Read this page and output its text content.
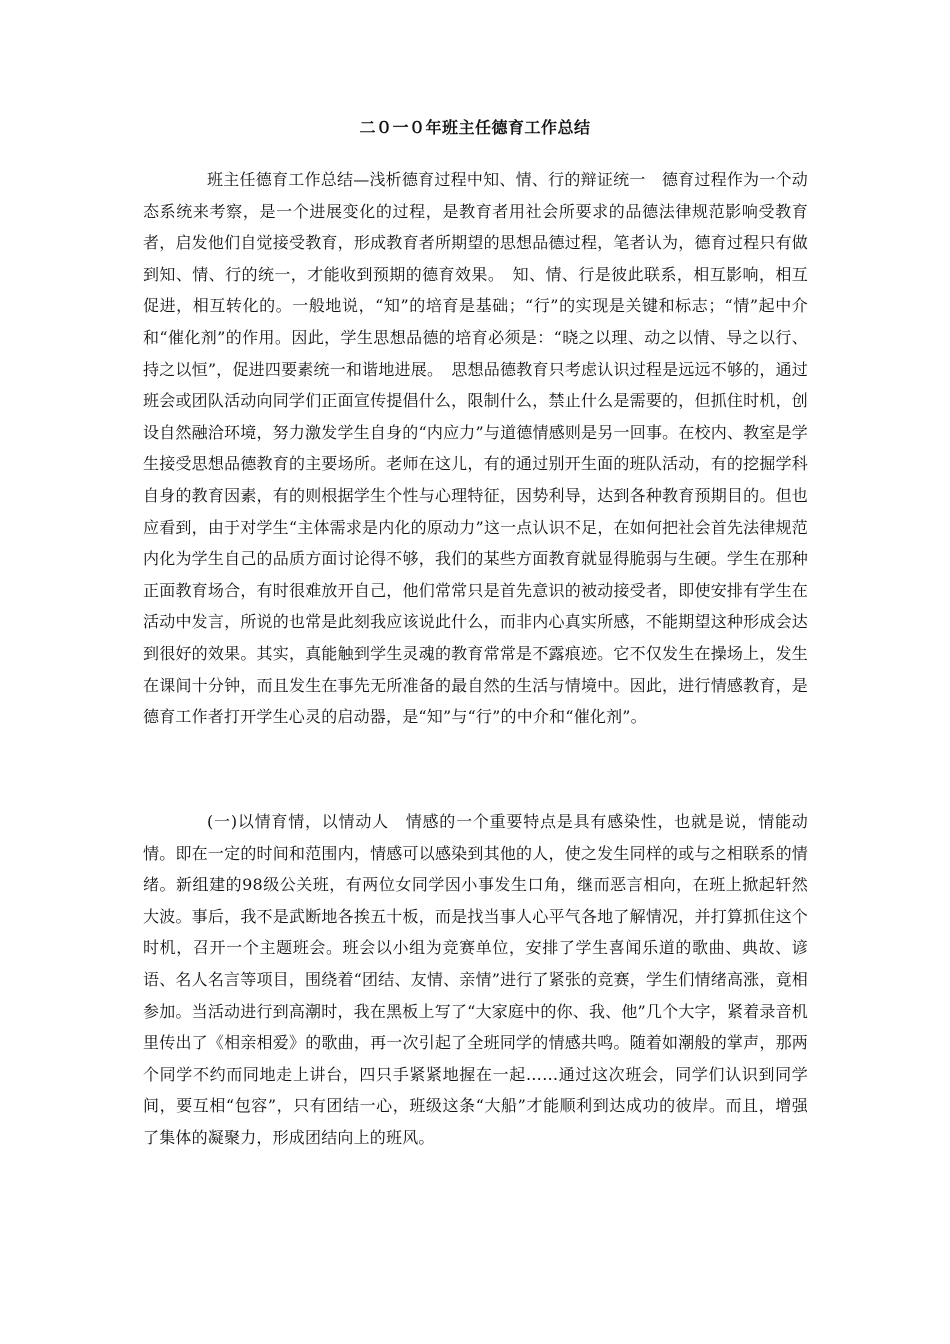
二０一０年班主任德育工作总结

班主任德育工作总结—浅析德育过程中知、情、行的辩证统一　德育过程作为一个动态系统来考察，是一个进展变化的过程，是教育者用社会所要求的品德法律规范影响受教育者，启发他们自觉接受教育，形成教育者所期望的思想品德过程，笔者认为，德育过程只有做到知、情、行的统一，才能收到预期的德育效果。　知、情、行是彼此联系，相互影响，相互促进，相互转化的。一般地说，“知”的培育是基础；“行”的实现是关键和标志；“情”起中介和“催化剂”的作用。因此，学生思想品德的培育必须是：“晓之以理、动之以情、导之以行、持之以恒”，促进四要素统一和谐地进展。　思想品德教育只考虑认识过程是远远不够的，通过班会或团队活动向同学们正面宣传提倡什么，限制什么，禁止什么是需要的，但抓住时机，创设自然融洽环境，努力激发学生自身的“内应力”与道德情感则是另一回事。在校内、教室是学生接受思想品德教育的主要场所。老师在这儿，有的通过别开生面的班队活动，有的挖掘学科自身的教育因素，有的则根据学生个性与心理特征，因势利导，达到各种教育预期目的。但也应看到，由于对学生“主体需求是内化的原动力”这一点认识不足，在如何把社会首先法律规范内化为学生自己的品质方面讨论得不够，我们的某些方面教育就显得脆弱与生硬。学生在那种正面教育场合，有时很难放开自己，他们常常只是首先意识的被动接受者，即使安排有学生在活动中发言，所说的也常是此刻我应该说此什么，而非内心真实所感，不能期望这种形成会达到很好的效果。其实，真能触到学生灵魂的教育常常是不露痕迹。它不仅发生在操场上，发生在课间十分钟，而且发生在事先无所准备的最自然的生活与情境中。因此，进行情感教育，是德育工作者打开学生心灵的启动器，是“知”与“行”的中介和“催化剂”。

(一)以情育情，以情动人　情感的一个重要特点是具有感染性，也就是说，情能动情。即在一定的时间和范围内，情感可以感染到其他的人，使之发生同样的或与之相联系的情绪。新组建的98级公关班，有两位女同学因小事发生口角，继而恶言相向，在班上掀起轩然大波。事后，我不是武断地各挨五十板，而是找当事人心平气各地了解情况，并打算抓住这个时机，召开一个主题班会。班会以小组为竞赛单位，安排了学生喜闻乐道的歌曲、典故、谚语、名人名言等项目，围绕着“团结、友情、亲情”进行了紧张的竞赛，学生们情绪高涨，竟相参加。当活动进行到高潮时，我在黑板上写了“大家庭中的你、我、他”几个大字，紧着录音机里传出了《相亲相爱》的歌曲，再一次引起了全班同学的情感共鸣。随着如潮般的掌声，那两个同学不约而同地走上讲台，四只手紧紧地握在一起……通过这次班会，同学们认识到同学间，要互相“包容”，只有团结一心，班级这条“大船”才能顺利到达成功的彼岸。而且，增强了集体的凝聚力，形成团结向上的班风。
